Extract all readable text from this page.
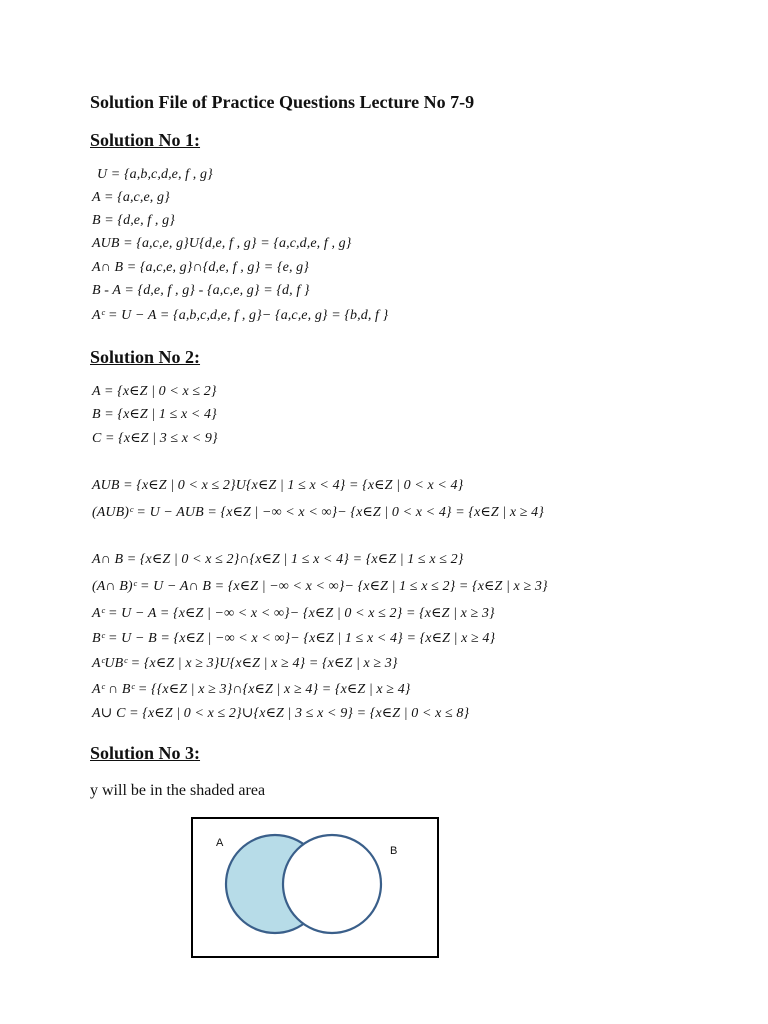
Solution File of Practice Questions Lecture No 7-9
Solution No 1:
U = {a,b,c,d,e, f , g}
A = {a,c,e, g}
B = {d,e, f , g}
AUB = {a,c,e, g}U{d,e, f , g} = {a,c,d,e, f , g}
A∩ B = {a,c,e, g}∩{d,e, f , g} = {e, g}
B - A = {d,e, f , g} - {a,c,e, g} = {d, f }
Aᶜ = U − A = {a,b,c,d,e, f , g}− {a,c,e, g} = {b,d, f }
Solution No 2:
A = {x∈Z | 0 < x ≤ 2}
B = {x∈Z | 1 ≤ x < 4}
C = {x∈Z | 3 ≤ x < 9}
AUB = {x∈Z | 0 < x ≤ 2}U{x∈Z | 1 ≤ x < 4} = {x∈Z | 0 < x < 4}
(AUB)ᶜ = U − AUB = {x∈Z | −∞ < x < ∞}− {x∈Z | 0 < x < 4} = {x∈Z | x ≥ 4}
A∩ B = {x∈Z | 0 < x ≤ 2}∩{x∈Z | 1 ≤ x < 4} = {x∈Z | 1 ≤ x ≤ 2}
(A∩ B)ᶜ = U − A∩ B = {x∈Z | −∞ < x < ∞}− {x∈Z | 1 ≤ x ≤ 2} = {x∈Z | x ≥ 3}
Aᶜ = U − A = {x∈Z | −∞ < x < ∞}− {x∈Z | 0 < x ≤ 2} = {x∈Z | x ≥ 3}
Bᶜ = U − B = {x∈Z | −∞ < x < ∞}− {x∈Z | 1 ≤ x < 4} = {x∈Z | x ≥ 4}
AᶜUBᶜ = {x∈Z | x ≥ 3}U{x∈Z | x ≥ 4} = {x∈Z | x ≥ 3}
Aᶜ ∩ Bᶜ = {{x∈Z | x ≥ 3}∩{x∈Z | x ≥ 4} = {x∈Z | x ≥ 4}
A∪ C = {x∈Z | 0 < x ≤ 2}∪{x∈Z | 3 ≤ x < 9} = {x∈Z | 0 < x ≤ 8}
Solution No 3:
y will be in the shaded area
A
B
